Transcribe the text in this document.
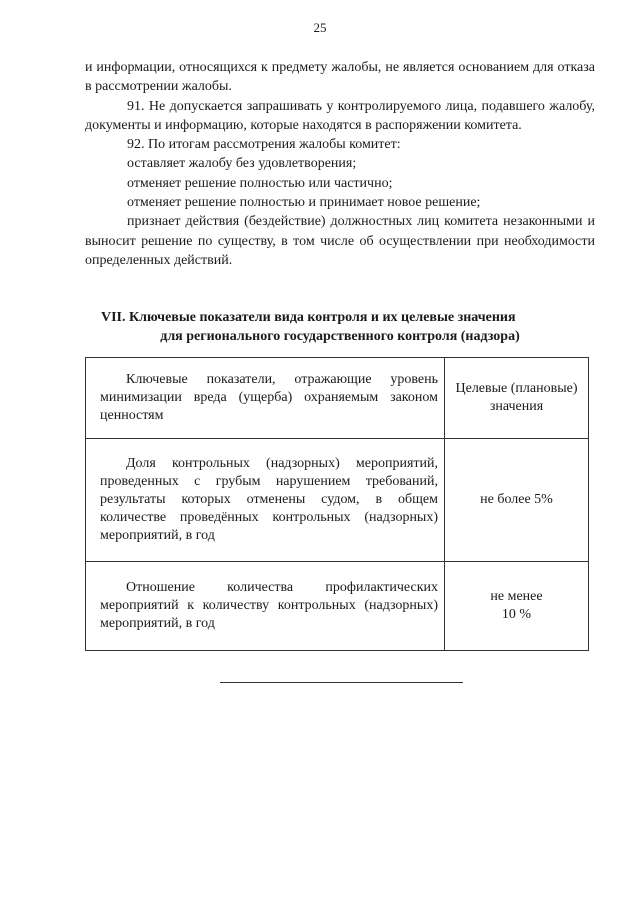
25

и информации, относящихся к предмету жалобы, не является основанием для отказа в рассмотрении жалобы.

91. Не допускается запрашивать у контролируемого лица, подавшего жалобу, документы и информацию, которые находятся в распоряжении комитета.

92. По итогам рассмотрения жалобы комитет:

оставляет жалобу без удовлетворения;

отменяет решение полностью или частично;

отменяет решение полностью и принимает новое решение;

признает действия (бездействие) должностных лиц комитета незаконными и выносит решение по существу, в том числе об осуществлении при необходимости определенных действий.

VII. Ключевые показатели вида контроля и их целевые значения
для регионального государственного контроля (надзора)
Ключевые показатели, отражающие уровень минимизации вреда (ущерба) охраняемым законом ценностям	Целевые (плановые) значения

Доля контрольных (надзорных) мероприятий, проведенных с грубым нарушением требований, результаты которых отменены судом, в общем количестве проведённых контрольных (надзорных) мероприятий, в год	не более 5%

Отношение количества профилактических мероприятий к количеству контрольных (надзорных) мероприятий, в год	не менее
10 %
